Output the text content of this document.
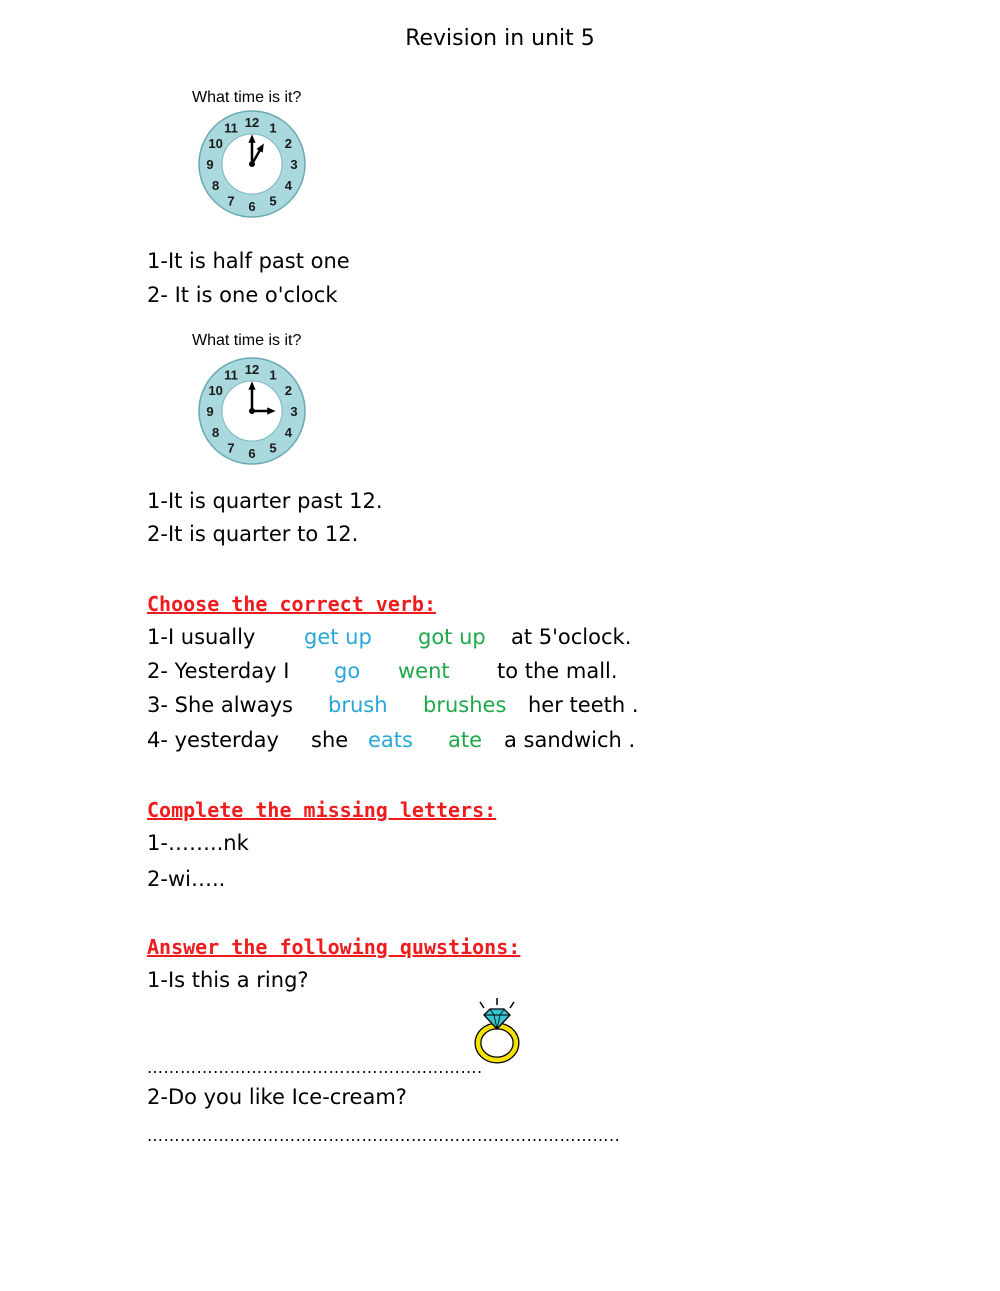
Revision in unit 5
What time is it?
12 1
2
3
4
5
6
7
8
9
10
11
1-It is half past one
2- It is one o'clock
What time is it?
12 1
2
3
4
5
6
7
8
9
10
11
1-It is quarter past 12.
2-It is quarter to 12.
Choose the correct verb:
1-I usually get up got up at 5'oclock.
2- Yesterday I go went to the mall.
3- She always brush brushes her teeth .
4- yesterday she eats ate a sandwich .
Complete the missing letters:
1-……..nk
2-wi…..
Answer the following quwstions:
1-Is this a ring?
…………………………………………………….
2-Do you like Ice-cream?
…………………………………………………………………………..
